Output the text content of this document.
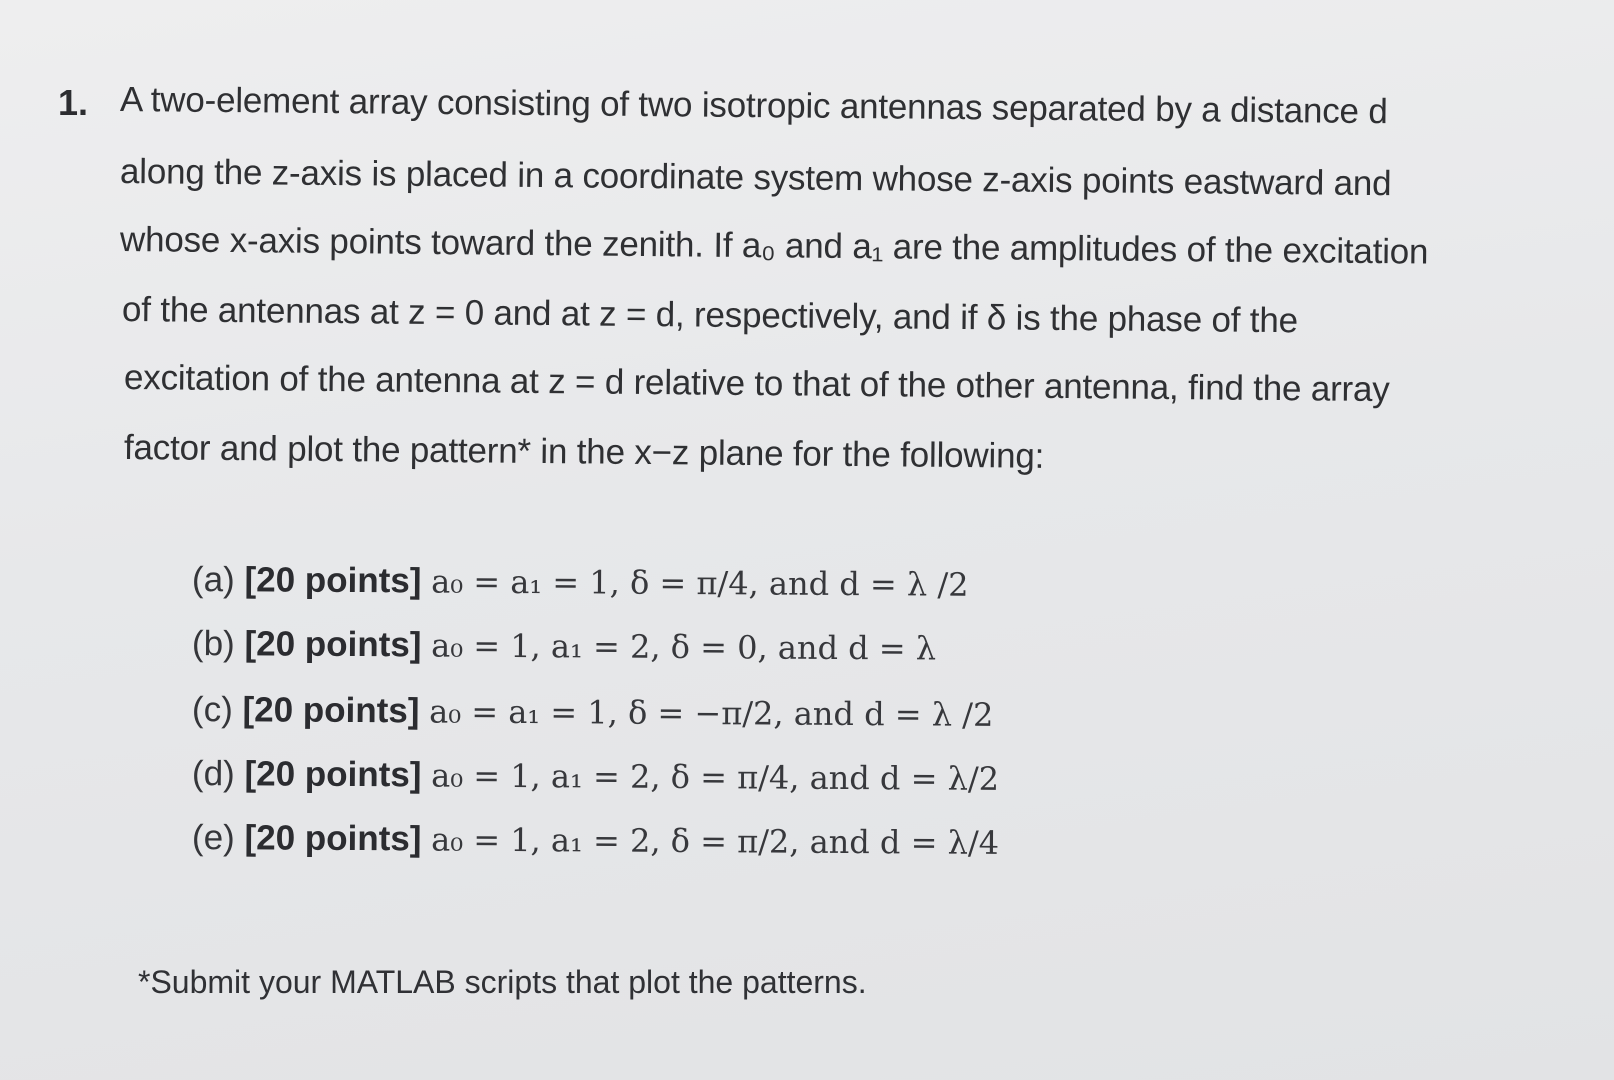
1. A two-element array consisting of two isotropic antennas separated by a distance d
along the z-axis is placed in a coordinate system whose z-axis points eastward and
whose x-axis points toward the zenith. If a₀ and a₁ are the amplitudes of the excitation
of the antennas at z = 0 and at z = d, respectively, and if δ is the phase of the
excitation of the antenna at z = d relative to that of the other antenna, find the array
factor and plot the pattern* in the x−z plane for the following:
(a) [20 points] a₀ = a₁ = 1, δ = π/4, and d = λ /2
(b) [20 points] a₀ = 1, a₁ = 2, δ = 0, and d = λ
(c) [20 points] a₀ = a₁ = 1, δ = −π/2, and d = λ /2
(d) [20 points] a₀ = 1, a₁ = 2, δ = π/4, and d = λ/2
(e) [20 points] a₀ = 1, a₁ = 2, δ = π/2, and d = λ/4
*Submit your MATLAB scripts that plot the patterns.
